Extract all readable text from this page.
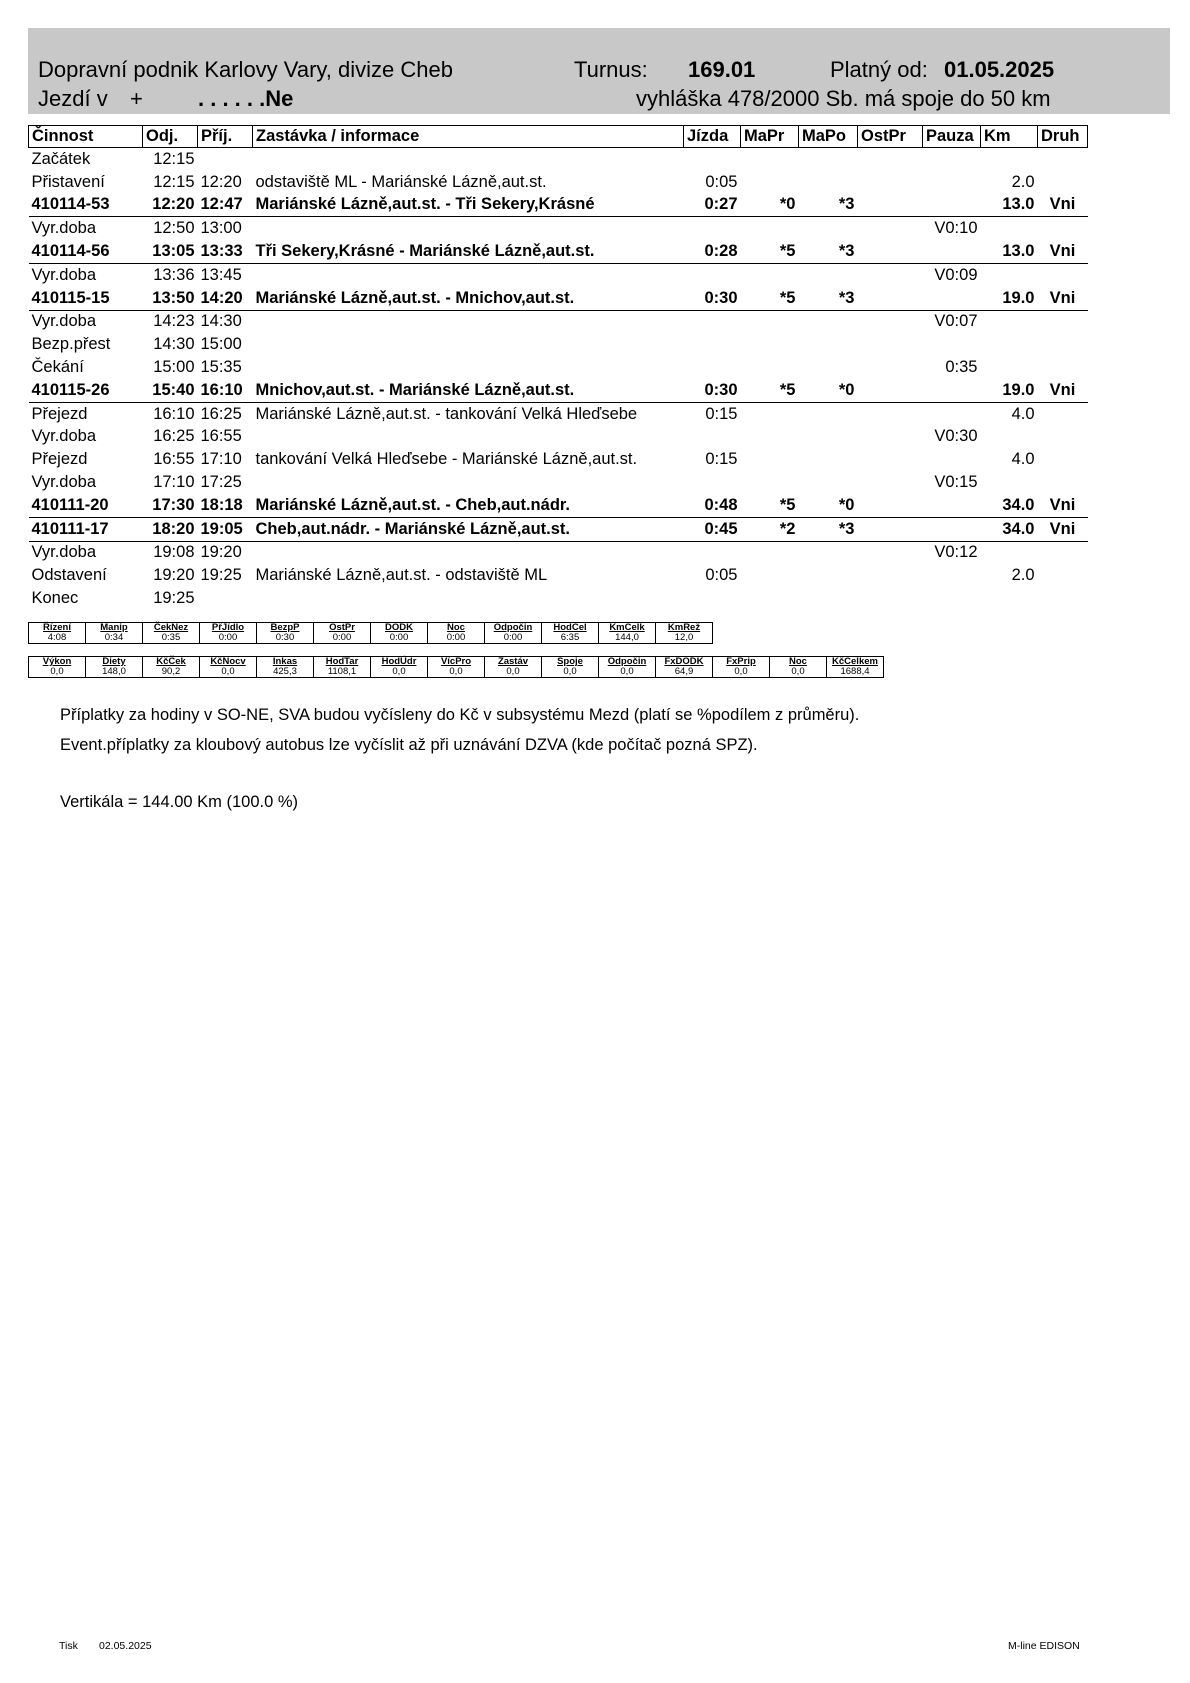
Dopravní podnik Karlovy Vary, divize Cheb	Turnus: 169.01	Platný od: 01.05.2025
Jezdí v +	. . . . . .Ne	vyhláška 478/2000 Sb. má spoje do 50 km
Činnost	Odj.	Příj.	Zastávka / informace	Jízda	MaPr	MaPo	OstPr	Pauza	Km	Druh
Začátek	12:15									
Přistavení	12:15	12:20	odstaviště ML - Mariánské Lázně,aut.st.	0:05					2.0	
410114-53	12:20	12:47	Mariánské Lázně,aut.st. - Tři Sekery,Krásné	0:27	*0	*3			13.0	Vni
Vyr.doba	12:50	13:00						V0:10		
410114-56	13:05	13:33	Tři Sekery,Krásné - Mariánské Lázně,aut.st.	0:28	*5	*3			13.0	Vni
Vyr.doba	13:36	13:45						V0:09		
410115-15	13:50	14:20	Mariánské Lázně,aut.st. - Mnichov,aut.st.	0:30	*5	*3			19.0	Vni
Vyr.doba	14:23	14:30						V0:07		
Bezp.přest	14:30	15:00								
Čekání	15:00	15:35						0:35		
410115-26	15:40	16:10	Mnichov,aut.st. - Mariánské Lázně,aut.st.	0:30	*5	*0			19.0	Vni
Přejezd	16:10	16:25	Mariánské Lázně,aut.st. - tankování Velká Hleďsebe	0:15					4.0	
Vyr.doba	16:25	16:55						V0:30		
Přejezd	16:55	17:10	tankování Velká Hleďsebe - Mariánské Lázně,aut.st.	0:15					4.0	
Vyr.doba	17:10	17:25						V0:15		
410111-20	17:30	18:18	Mariánské Lázně,aut.st. - Cheb,aut.nádr.	0:48	*5	*0			34.0	Vni
410111-17	18:20	19:05	Cheb,aut.nádr. - Mariánské Lázně,aut.st.	0:45	*2	*3			34.0	Vni
Vyr.doba	19:08	19:20						V0:12		
Odstavení	19:20	19:25	Mariánské Lázně,aut.st. - odstaviště ML	0:05					2.0	
Konec	19:25									
Řízení	Manip	ČekNez	PřJídlo	BezpP	OstPr	DODK	Noc	Odpočin	HodCel	KmCelk	KmRež
4:08	0:34	0:35	0:00	0:30	0:00	0:00	0:00	0:00	6:35	144,0	12,0
Výkon	Diety	KčČek	KčNocv	Inkas	HodTar	HodÚdr	VícPro	Zastáv	Spoje	Odpočin	FxDODK	FxPrip	Noc	KčCelkem
0,0	148,0	90,2	0,0	425,3	1108,1	0,0	0,0	0,0	0,0	0,0	64,9	0,0	0,0	1688,4
Příplatky za hodiny v SO-NE, SVA budou vyčísleny do Kč v subsystému Mezd (platí se %podílem z průměru).
Event.příplatky za kloubový autobus lze vyčíslit až při uznávání DZVA (kde počítač pozná SPZ).
Vertikála = 144.00 Km (100.0 %)
Tisk 02.05.2025	M-line EDISON
